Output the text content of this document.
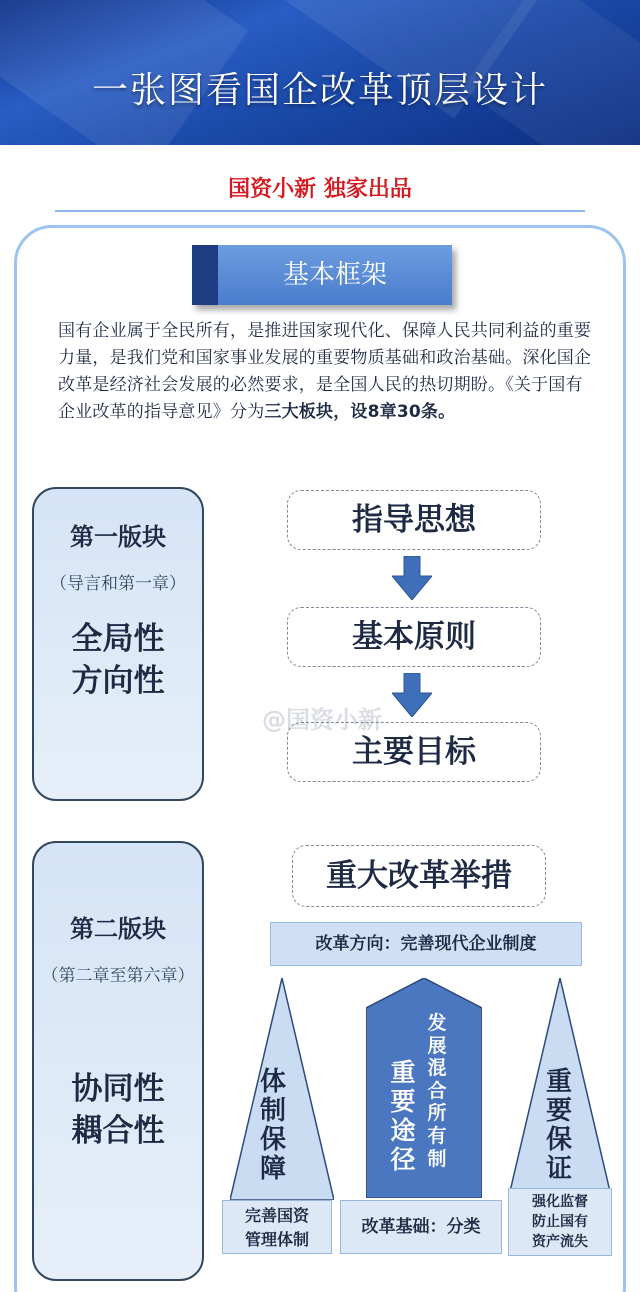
一张图看国企改革顶层设计
国资小新 独家出品
基本框架
国有企业属于全民所有，是推进国家现代化、保障人民共同利益的重要力量，是我们党和国家事业发展的重要物质基础和政治基础。深化国企改革是经济社会发展的必然要求，是全国人民的热切期盼。《关于国有企业改革的指导意见》分为三大板块，设8章30条。
第一版块
（导言和第一章）
全局性
方向性
指导思想
基本原则
主要目标
@国资小新
第二版块
（第二章至第六章）
协同性
耦合性
重大改革举措
改革方向：完善现代企业制度
体
制
保
障
完善国资
管理体制
重
要
途
径
发
展
混
合
所
有
制
改革基础：分类
重
要
保
证
强化监督
防止国有
资产流失
